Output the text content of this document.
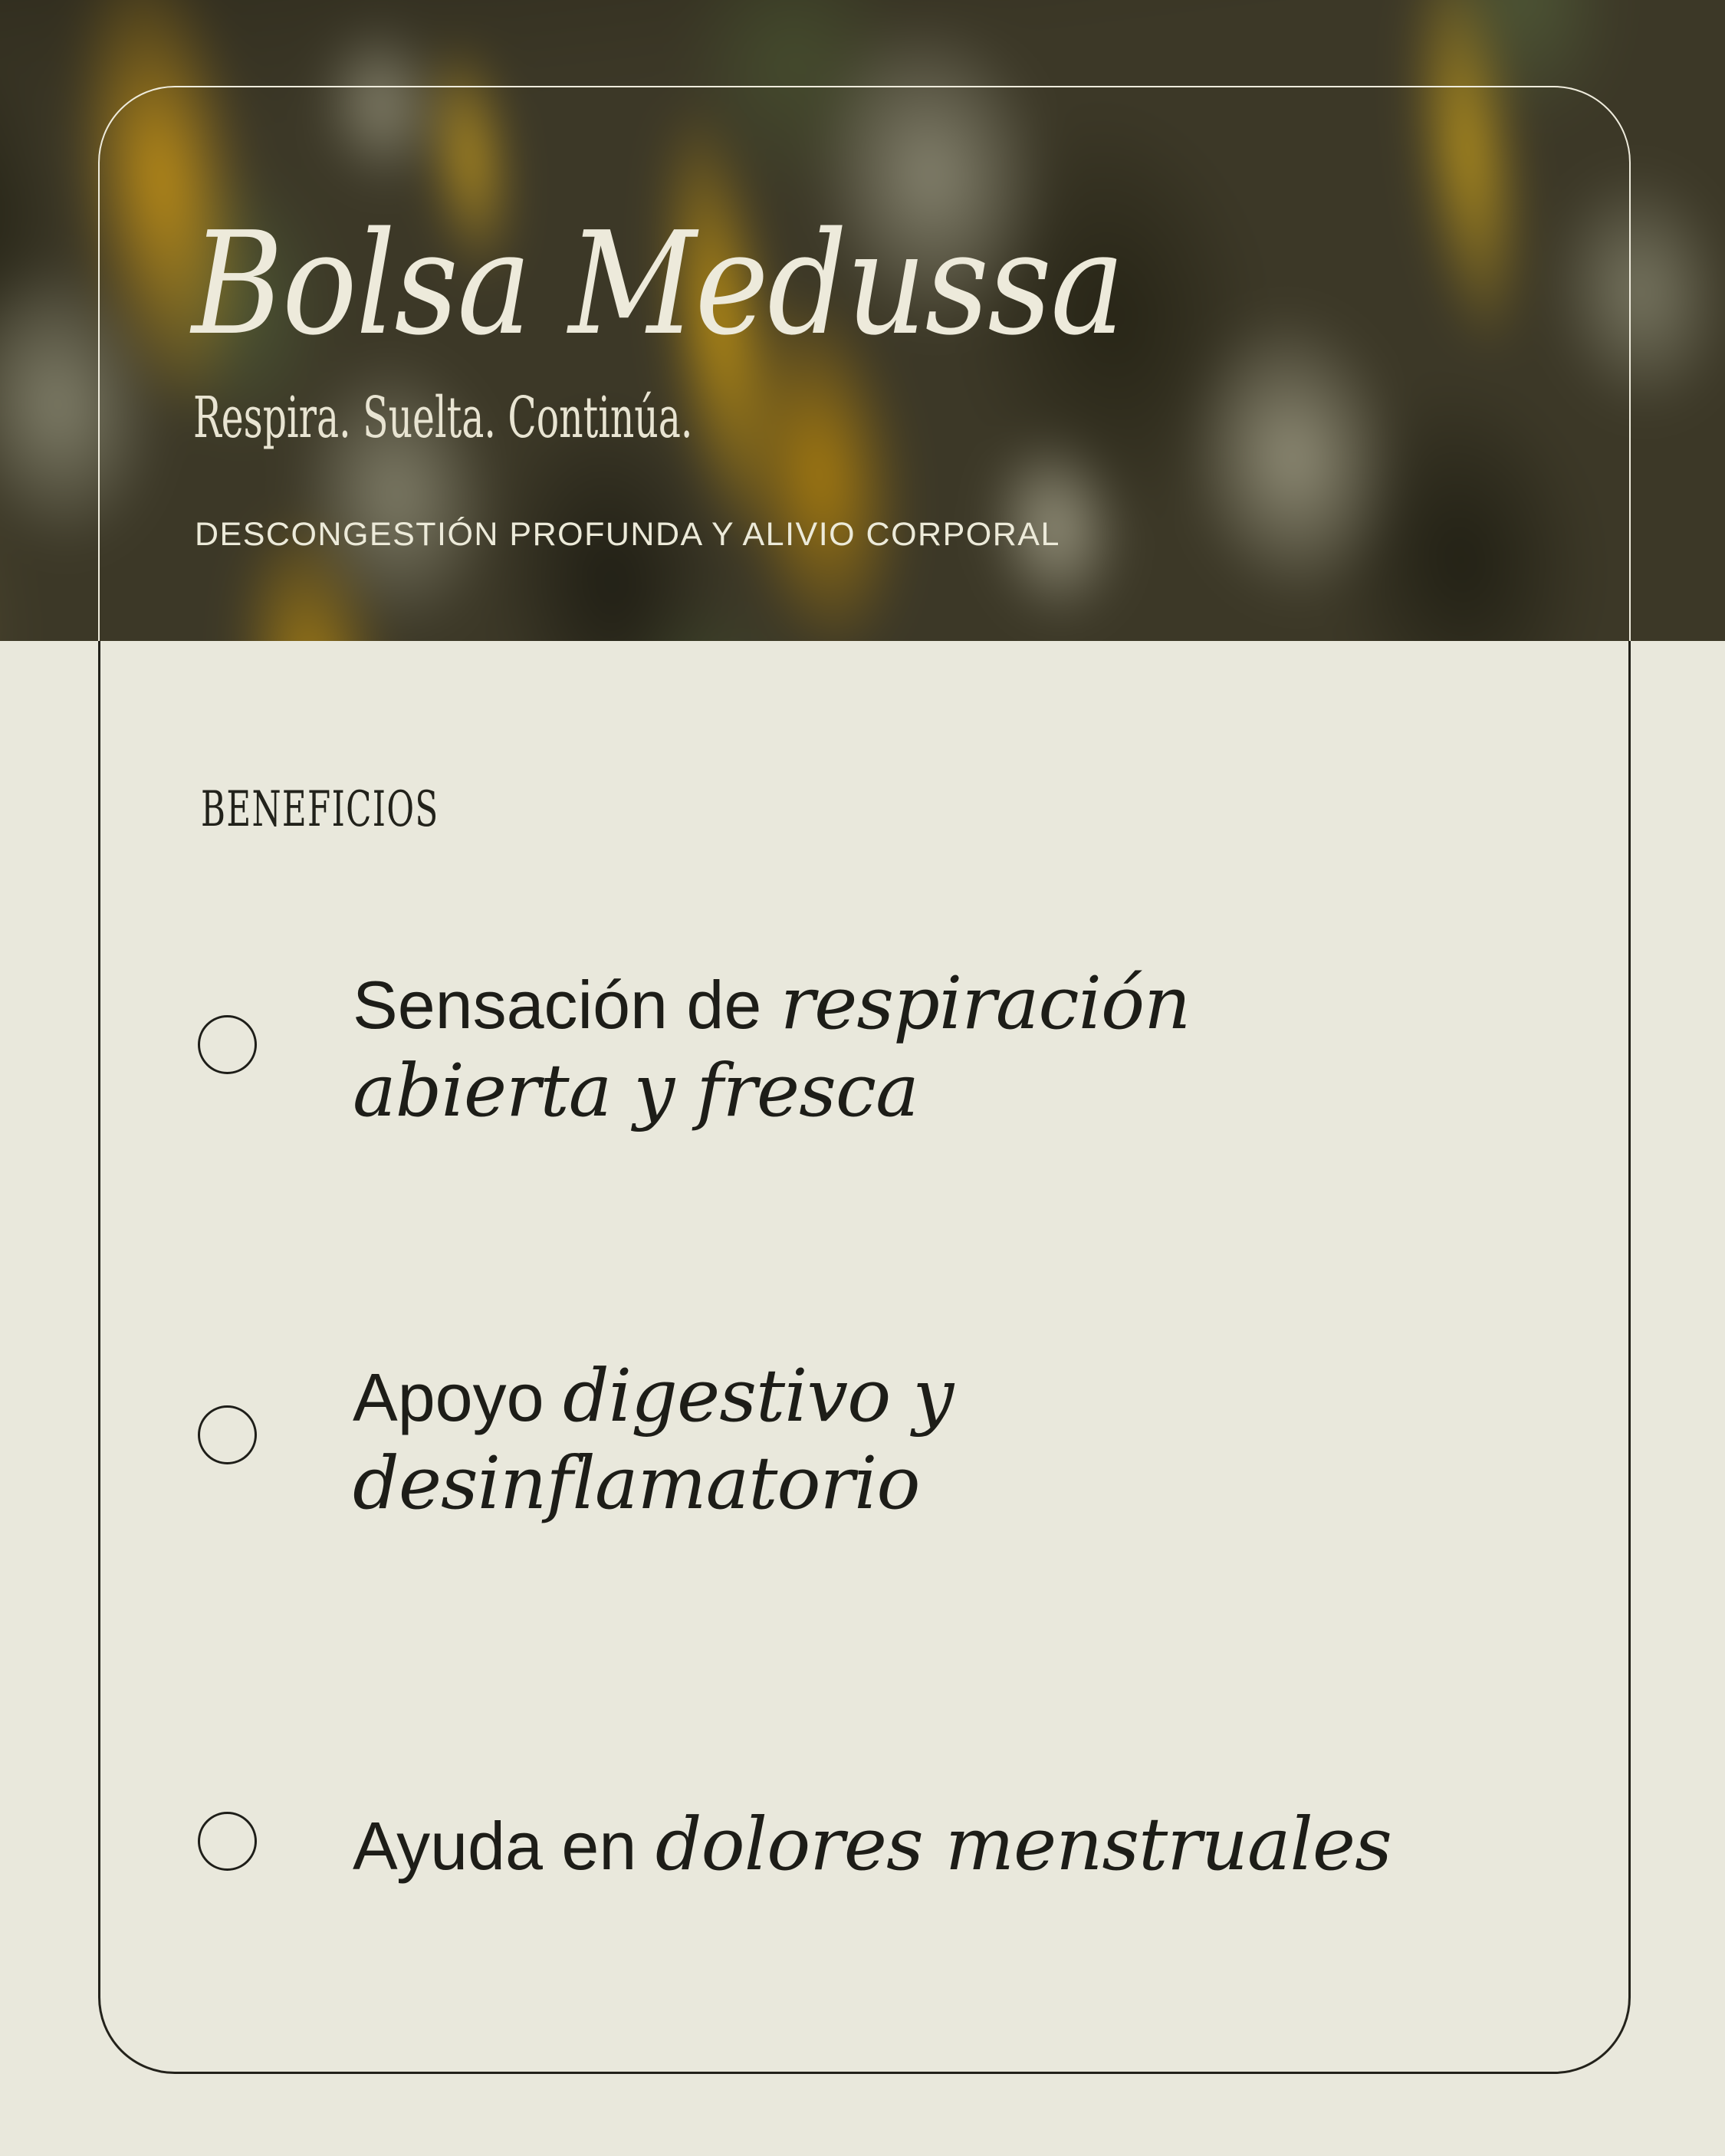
Bolsa Medussa

Respira. Suelta. Continúa.

DESCONGESTIÓN PROFUNDA Y ALIVIO CORPORAL

BENEFICIOS

Sensación de respiración abierta y fresca

Apoyo digestivo y desinflamatorio

Ayuda en dolores menstruales
